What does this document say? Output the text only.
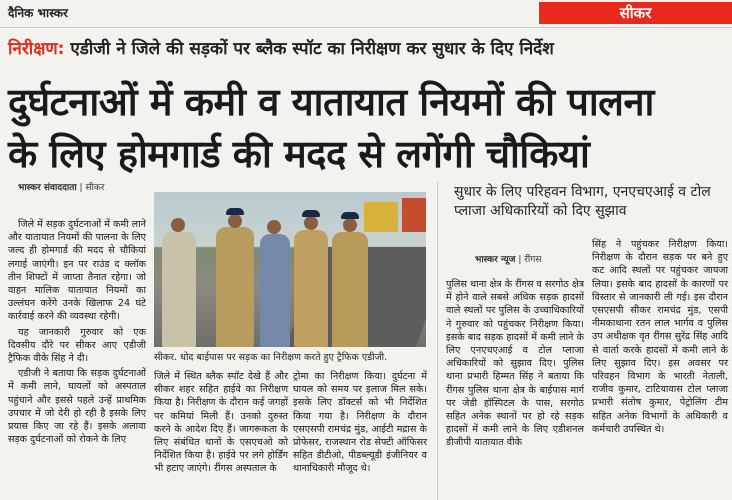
दैनिक भास्कर	सीकर
निरीक्षण: एडीजी ने जिले की सड़कों पर ब्लैक स्पॉट का निरीक्षण कर सुधार के दिए निर्देश
दुर्घटनाओं में कमी व यातायात नियमों की पालना
के लिए होमगार्ड की मदद से लगेंगी चौकियां
भास्कर संवाददाता | सीकर

जिले में सड़क दुर्घटनाओं में कमी लाने और यातायात नियमों की पालना के लिए जल्द ही होमगार्ड की मदद से चौकियां लगाई जाएंगी। इन पर राउंड द क्लॉक तीन शिफ्टों में जाप्ता तैनात रहेगा। जो वाहन मालिक यातायात नियमों का उल्लंघन करेंगे उनके खिलाफ 24 घंटे कार्रवाई करने की व्यवस्था रहेगी।

यह जानकारी गुरुवार को एक दिवसीय दौरे पर सीकर आए एडीजी ट्रैफिक वीके सिंह ने दी।

एडीजी ने बताया कि सड़क दुर्घटनाओं में कमी लाने, घायलों को अस्पताल पहुंचाने और इससे पहले उन्हें प्राथमिक उपचार में जो देरी हो रही है इसके लिए प्रयास किए जा रहे हैं। इसके अलावा सड़क दुर्घटनाओं को रोकने के लिए

सीकर. धोद बाईपास पर सड़क का निरीक्षण करते हुए ट्रैफिक एडीजी.

जिले में स्थित ब्लैक स्पॉट देखे हैं और सीकर शहर सहित हाईवे का निरीक्षण किया है। निरीक्षण के दौरान कई जगहों पर कमियां मिली हैं। उनको दुरुस्त करने के आदेश दिए हैं। जागरूकता के लिए संबंधित थानों के एसएचओ को निर्देशित किया है। हाईवे पर लगे होर्डिंग भी हटाए जाएंगे। रींगस अस्पताल के

ट्रोमा का निरीक्षण किया। दुर्घटना में घायल को समय पर इलाज मिल सके। इसके लिए डॉक्टर्स को भी निर्देशित किया गया है। निरीक्षण के दौरान एसएसपी रामचंद्र मुंड, आईटी मद्रास के प्रोफेसर, राजस्थान रोड सेफ्टी ऑफिसर सहित डीटीओ, पीडब्ल्यूडी इंजीनियर व थानाधिकारी मौजूद थे।

सुधार के लिए परिहवन विभाग, एनएचएआई व टोल प्लाजा अधिकारियों को दिए सुझाव
भास्कर न्यूज | रींगस

पुलिस थाना क्षेत्र के रींगस व सरगोठ क्षेत्र में होने वाले सबसे अधिक सड़क हादसों वाले स्थलों पर पुलिस के उच्चाधिकारियों ने गुरुवार को पहुंचकर निरीक्षण किया। इसके बाद सड़क हादसों में कमी लाने के लिए एनएचएआई व टोल प्लाजा अधिकारियों को सुझाव दिए। पुलिस थाना प्रभारी हिम्मत सिंह ने बताया कि रींगस पुलिस थाना क्षेत्र के बाईपास मार्ग पर जेडी हॉस्पिटल के पास, सरगोठ सहित अनेक स्थानों पर हो रहे सड़क हादसों में कमी लाने के लिए एडीशनल डीजीपी यातायात वीके

सिंह ने पहुंचकर निरीक्षण किया। निरीक्षण के दौरान सड़क पर बने हुए कट आदि स्थलों पर पहुंचकर जायजा लिया। इसके बाद हादसों के कारणों पर विस्तार से जानकारी ली गई। इस दौरान एसएसपी सीकर रामचंद्र मुंड, एसपी नीमकाथाना रतन लाल भार्गव व पुलिस उप अधीक्षक वृत रींगस सुरेंद्र सिंह आदि से वार्ता करके हादसों में कमी लाने के लिए सुझाव दिए। इस अवसर पर परिवहन विभाग के भारती नेताली, राजीव कुमार, टाटियावास टोल प्लाजा प्रभारी संतोष कुमार, पेट्रोलिंग टीम सहित अनेक विभागों के अधिकारी व कर्मचारी उपस्थित थे।
